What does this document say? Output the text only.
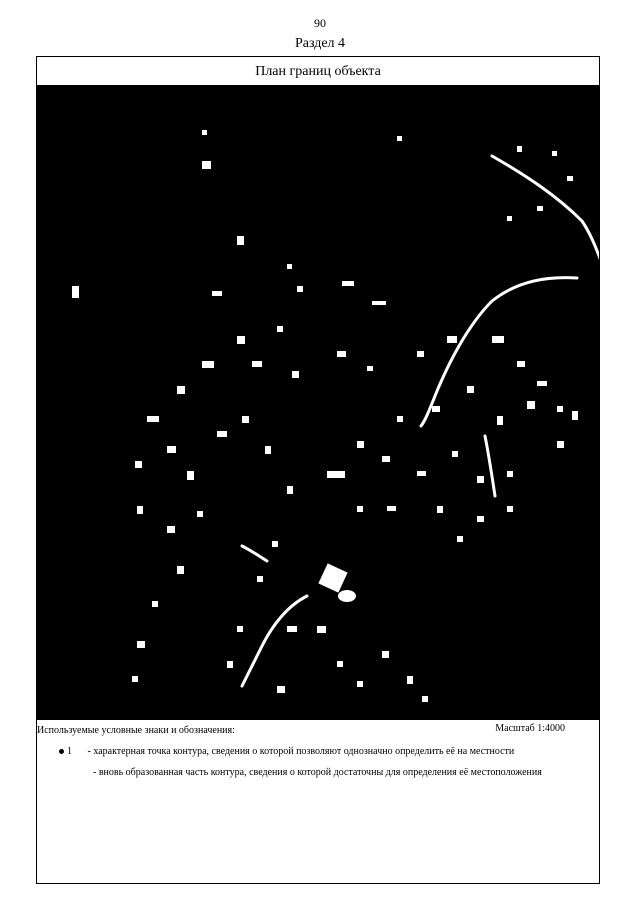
90
Раздел 4
План границ объекта
Используемые условные знаки и обозначения:	Масштаб 1:4000
1 - характерная точка контура, сведения о которой позволяют однозначно определить её на местности
- вновь образованная часть контура, сведения о которой достаточны для определения её местоположения
